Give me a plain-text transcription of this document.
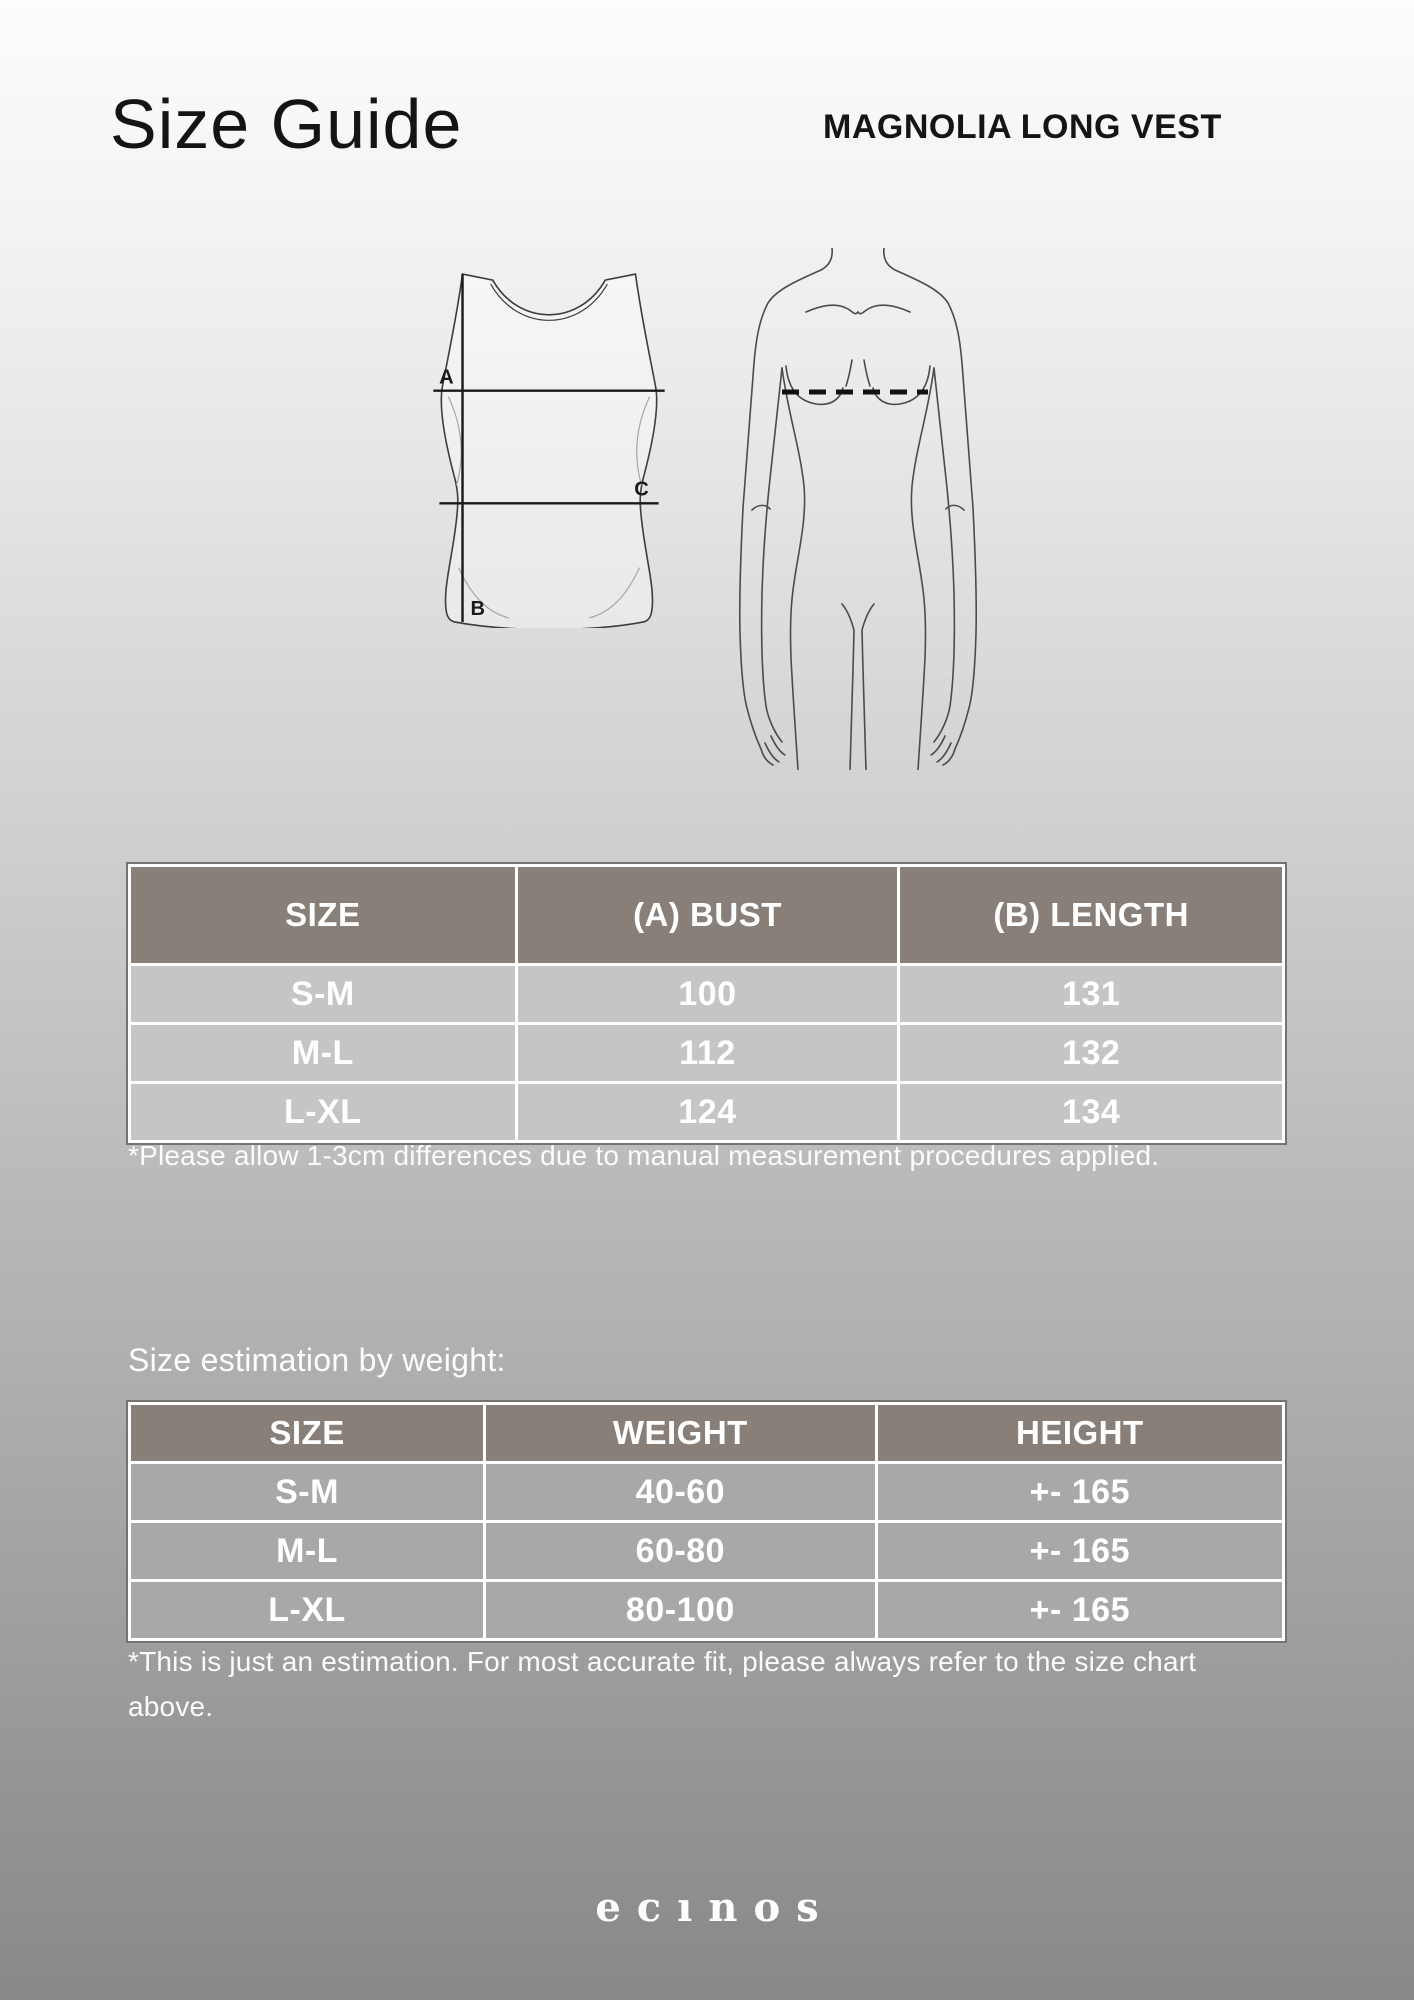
Size Guide	MAGNOLIA LONG VEST
A
B
C
SIZE	(A) BUST	(B) LENGTH
S-M	100	131
M-L	112	132
L-XL	124	134
*Please allow 1-3cm differences due to manual measurement procedures applied.
Size estimation by weight:
SIZE	WEIGHT	HEIGHT
S-M	40-60	+- 165
M-L	60-80	+- 165
L-XL	80-100	+- 165
*This is just an estimation. For most accurate fit, please always refer to the size chart above.
ecınos
